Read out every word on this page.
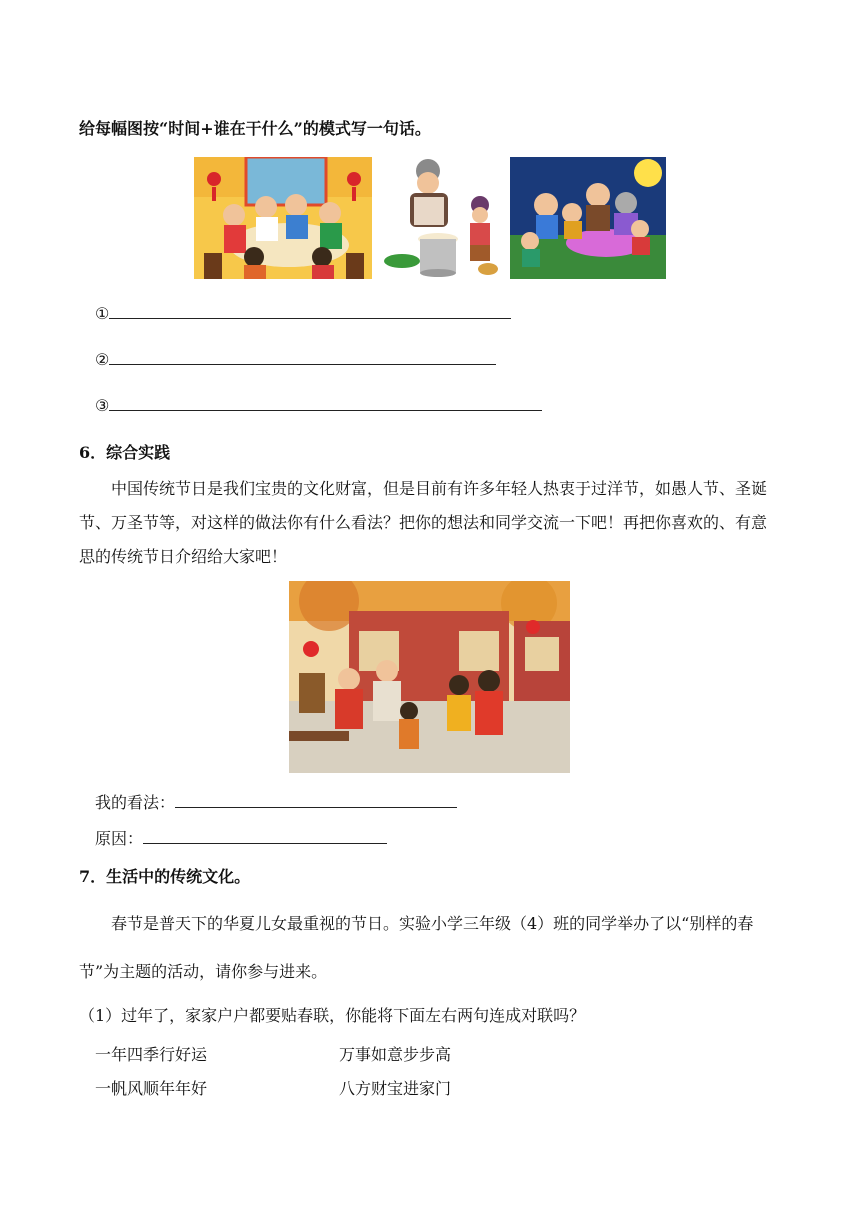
给每幅图按“时间+谁在干什么”的模式写一句话。
①
②
③
6．综合实践
中国传统节日是我们宝贵的文化财富，但是目前有许多年轻人热衷于过洋节，如愚人节、圣诞节、万圣节等，对这样的做法你有什么看法？把你的想法和同学交流一下吧！再把你喜欢的、有意思的传统节日介绍给大家吧！
我的看法：
原因：
7．生活中的传统文化。
春节是普天下的华夏儿女最重视的节日。实验小学三年级（4）班的同学举办了以“别样的春节”为主题的活动，请你参与进来。
（1）过年了，家家户户都要贴春联，你能将下面左右两句连成对联吗？
一年四季行好运	万事如意步步高
一帆风顺年年好	八方财宝进家门
